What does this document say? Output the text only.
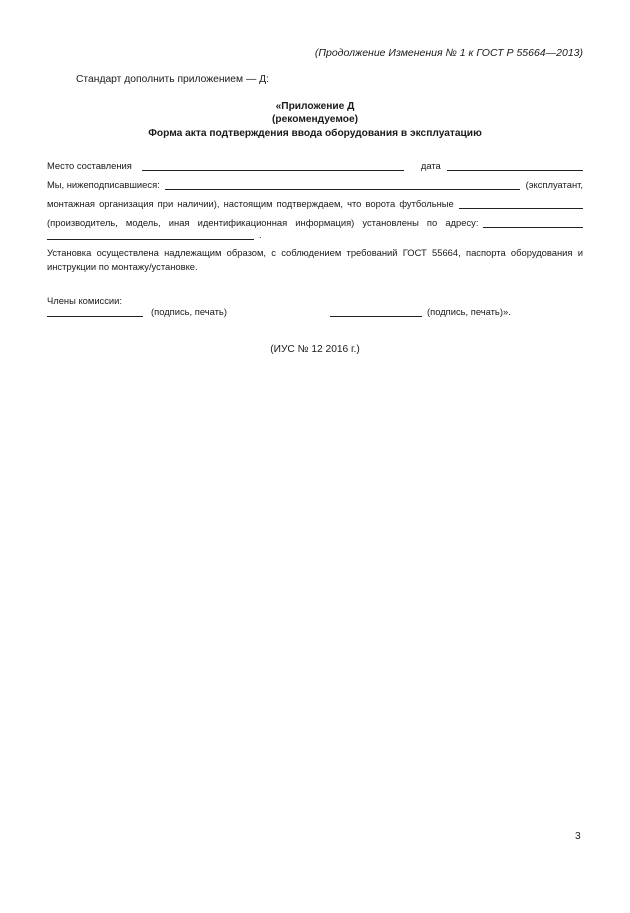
(Продолжение Изменения № 1 к ГОСТ Р 55664—2013)
Стандарт дополнить приложением — Д:
«Приложение Д
(рекомендуемое)
Форма акта подтверждения ввода оборудования в эксплуатацию
Место составления	дата
Мы, нижеподписавшиеся:	(эксплуатант,
монтажная организация при наличии), настоящим подтверждаем, что ворота футбольные
(производитель, модель, иная идентификационная информация) установлены по адресу:
.
Установка осуществлена надлежащим образом, с соблюдением требований ГОСТ 55664, паспорта оборудования и инструкции по монтажу/установке.
Члены комиссии:
(подпись, печать)	(подпись, печать)».
(ИУС № 12 2016 г.)
3
